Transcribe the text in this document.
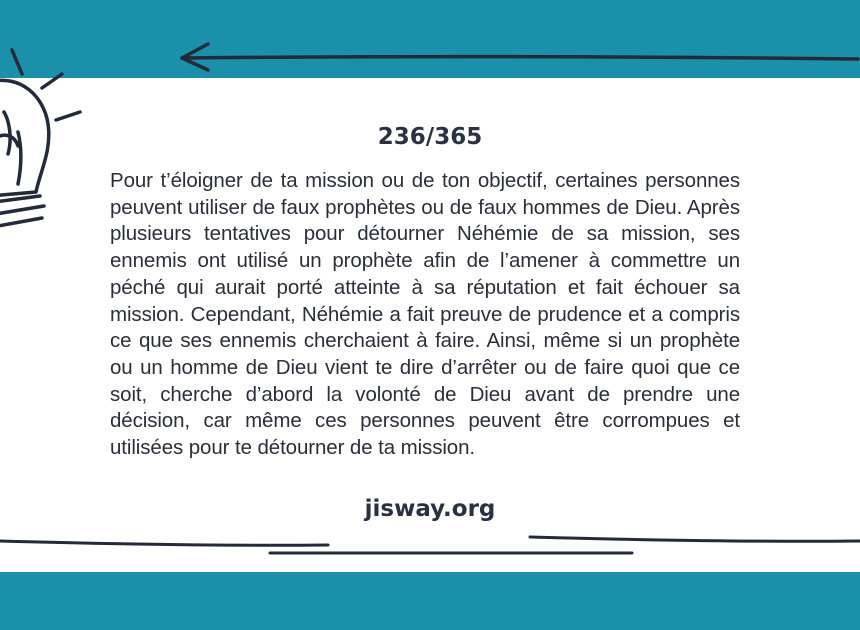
236/365
Pour t’éloigner de ta mission ou de ton objectif, certaines personnes peuvent utiliser de faux prophètes ou de faux hommes de Dieu. Après plusieurs tentatives pour détourner Néhémie de sa mission, ses ennemis ont utilisé un prophète afin de l’amener à commettre un péché qui aurait porté atteinte à sa réputation et fait échouer sa mission. Cependant, Néhémie a fait preuve de prudence et a compris ce que ses ennemis cherchaient à faire. Ainsi, même si un prophète ou un homme de Dieu vient te dire d’arrêter ou de faire quoi que ce soit, cherche d’abord la volonté de Dieu avant de prendre une décision, car même ces personnes peuvent être corrompues et utilisées pour te détourner de ta mission.
jisway.org
